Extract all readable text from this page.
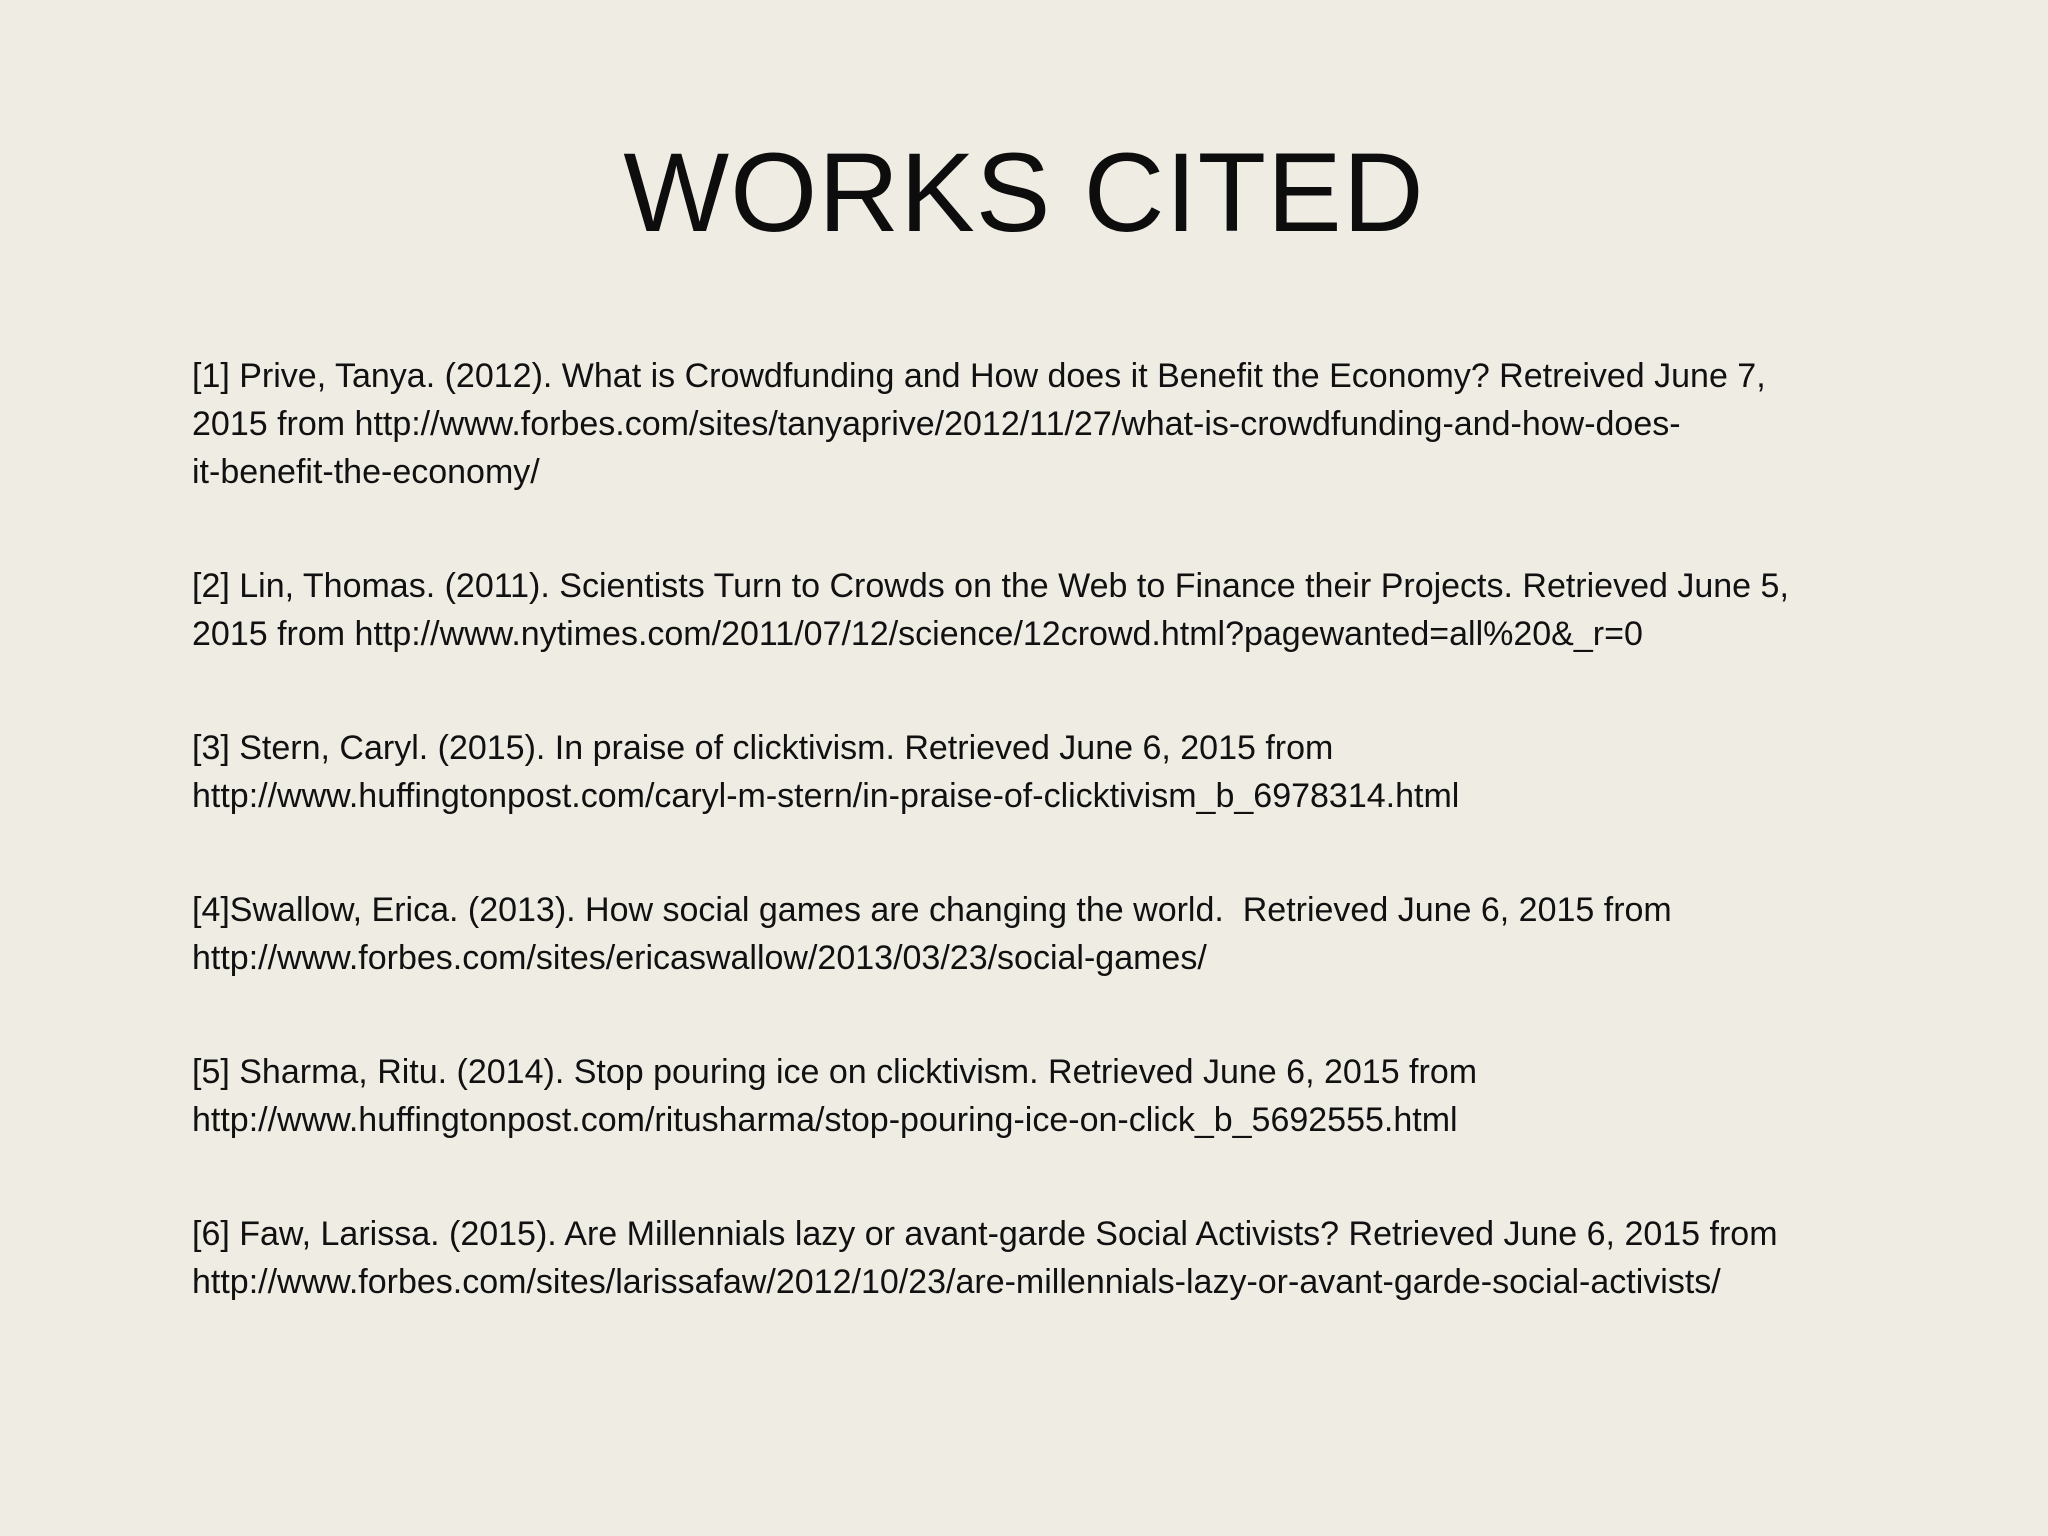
WORKS CITED

[1] Prive, Tanya. (2012). What is Crowdfunding and How does it Benefit the Economy? Retreived June 7,
2015 from http://www.forbes.com/sites/tanyaprive/2012/11/27/what-is-crowdfunding-and-how-does-
it-benefit-the-economy/

[2] Lin, Thomas. (2011). Scientists Turn to Crowds on the Web to Finance their Projects. Retrieved June 5,
2015 from http://www.nytimes.com/2011/07/12/science/12crowd.html?pagewanted=all%20&_r=0

[3] Stern, Caryl. (2015). In praise of clicktivism. Retrieved June 6, 2015 from
http://www.huffingtonpost.com/caryl-m-stern/in-praise-of-clicktivism_b_6978314.html

[4]Swallow, Erica. (2013). How social games are changing the world.  Retrieved June 6, 2015 from
http://www.forbes.com/sites/ericaswallow/2013/03/23/social-games/

[5] Sharma, Ritu. (2014). Stop pouring ice on clicktivism. Retrieved June 6, 2015 from
http://www.huffingtonpost.com/ritusharma/stop-pouring-ice-on-click_b_5692555.html

[6] Faw, Larissa. (2015). Are Millennials lazy or avant-garde Social Activists? Retrieved June 6, 2015 from
http://www.forbes.com/sites/larissafaw/2012/10/23/are-millennials-lazy-or-avant-garde-social-activists/
